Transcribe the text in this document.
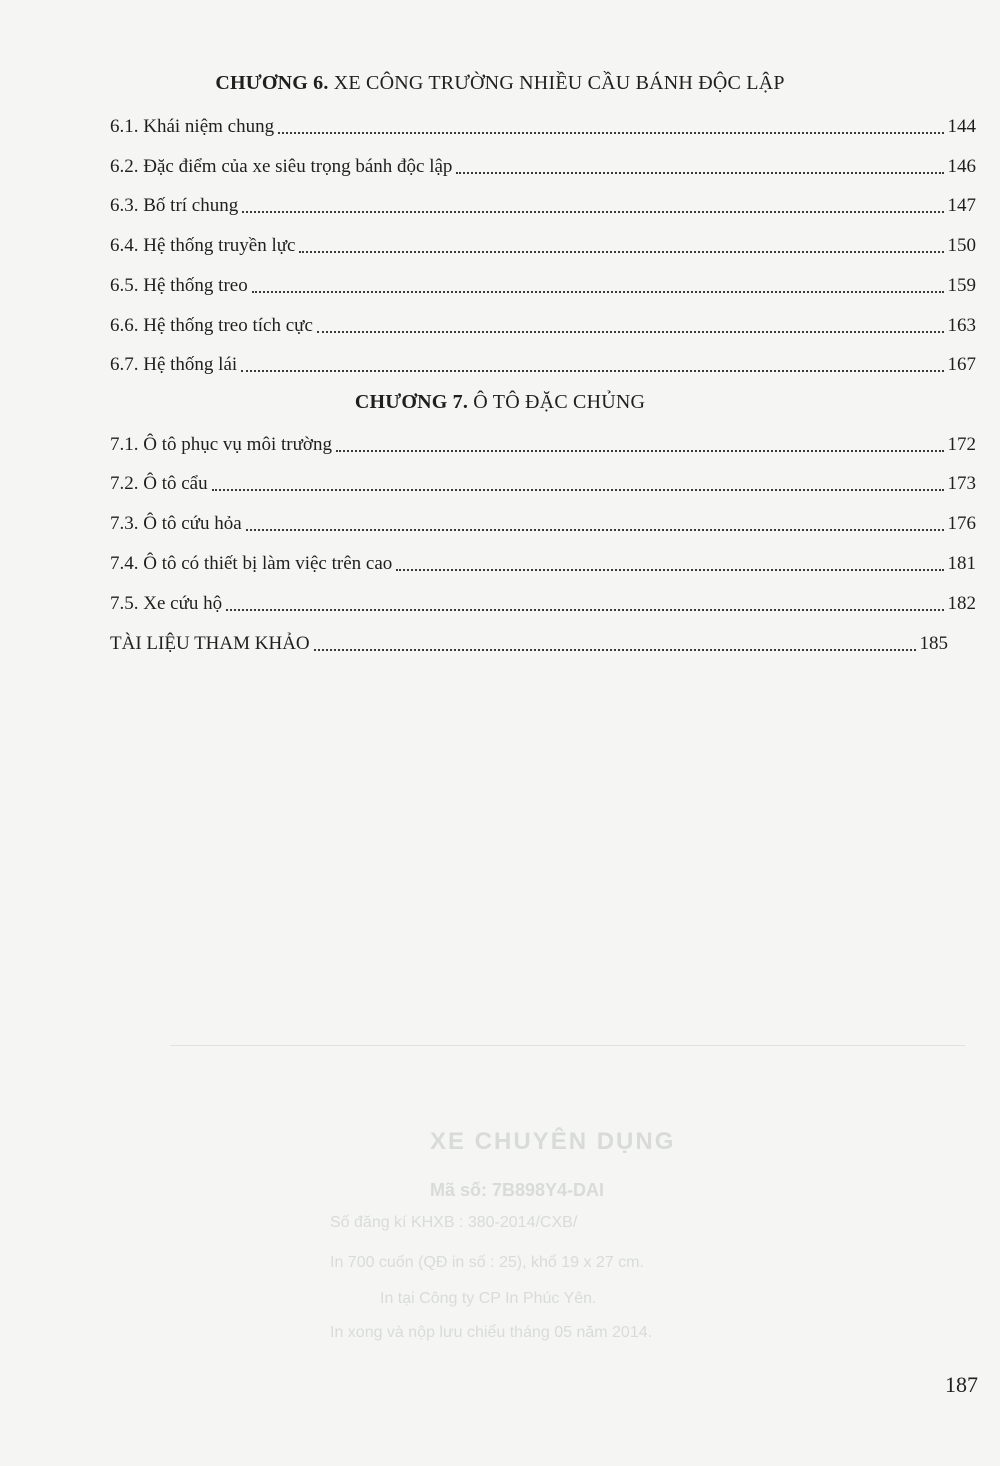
CHƯƠNG 6. XE CÔNG TRƯỜNG NHIỀU CẦU BÁNH ĐỘC LẬP
6.1. Khái niệm chung	144
6.2. Đặc điểm của xe siêu trọng bánh độc lập	146
6.3. Bố trí chung	147
6.4. Hệ thống truyền lực	150
6.5. Hệ thống treo	159
6.6. Hệ thống treo tích cực	163
6.7. Hệ thống lái	167
CHƯƠNG 7. Ô TÔ ĐẶC CHỦNG
7.1. Ô tô phục vụ môi trường	172
7.2. Ô tô cẩu	173
7.3. Ô tô cứu hỏa	176
7.4. Ô tô có thiết bị làm việc trên cao	181
7.5. Xe cứu hộ	182
TÀI LIỆU THAM KHẢO	185
XE CHUYÊN DỤNG
Mã số: 7B898Y4-DAI
Số đăng kí KHXB : 380-2014/CXB/
In 700 cuốn (QĐ in số : 25), khổ 19 x 27 cm.
In tại Công ty CP In Phúc Yên.
In xong và nộp lưu chiểu tháng 05 năm 2014.
187
